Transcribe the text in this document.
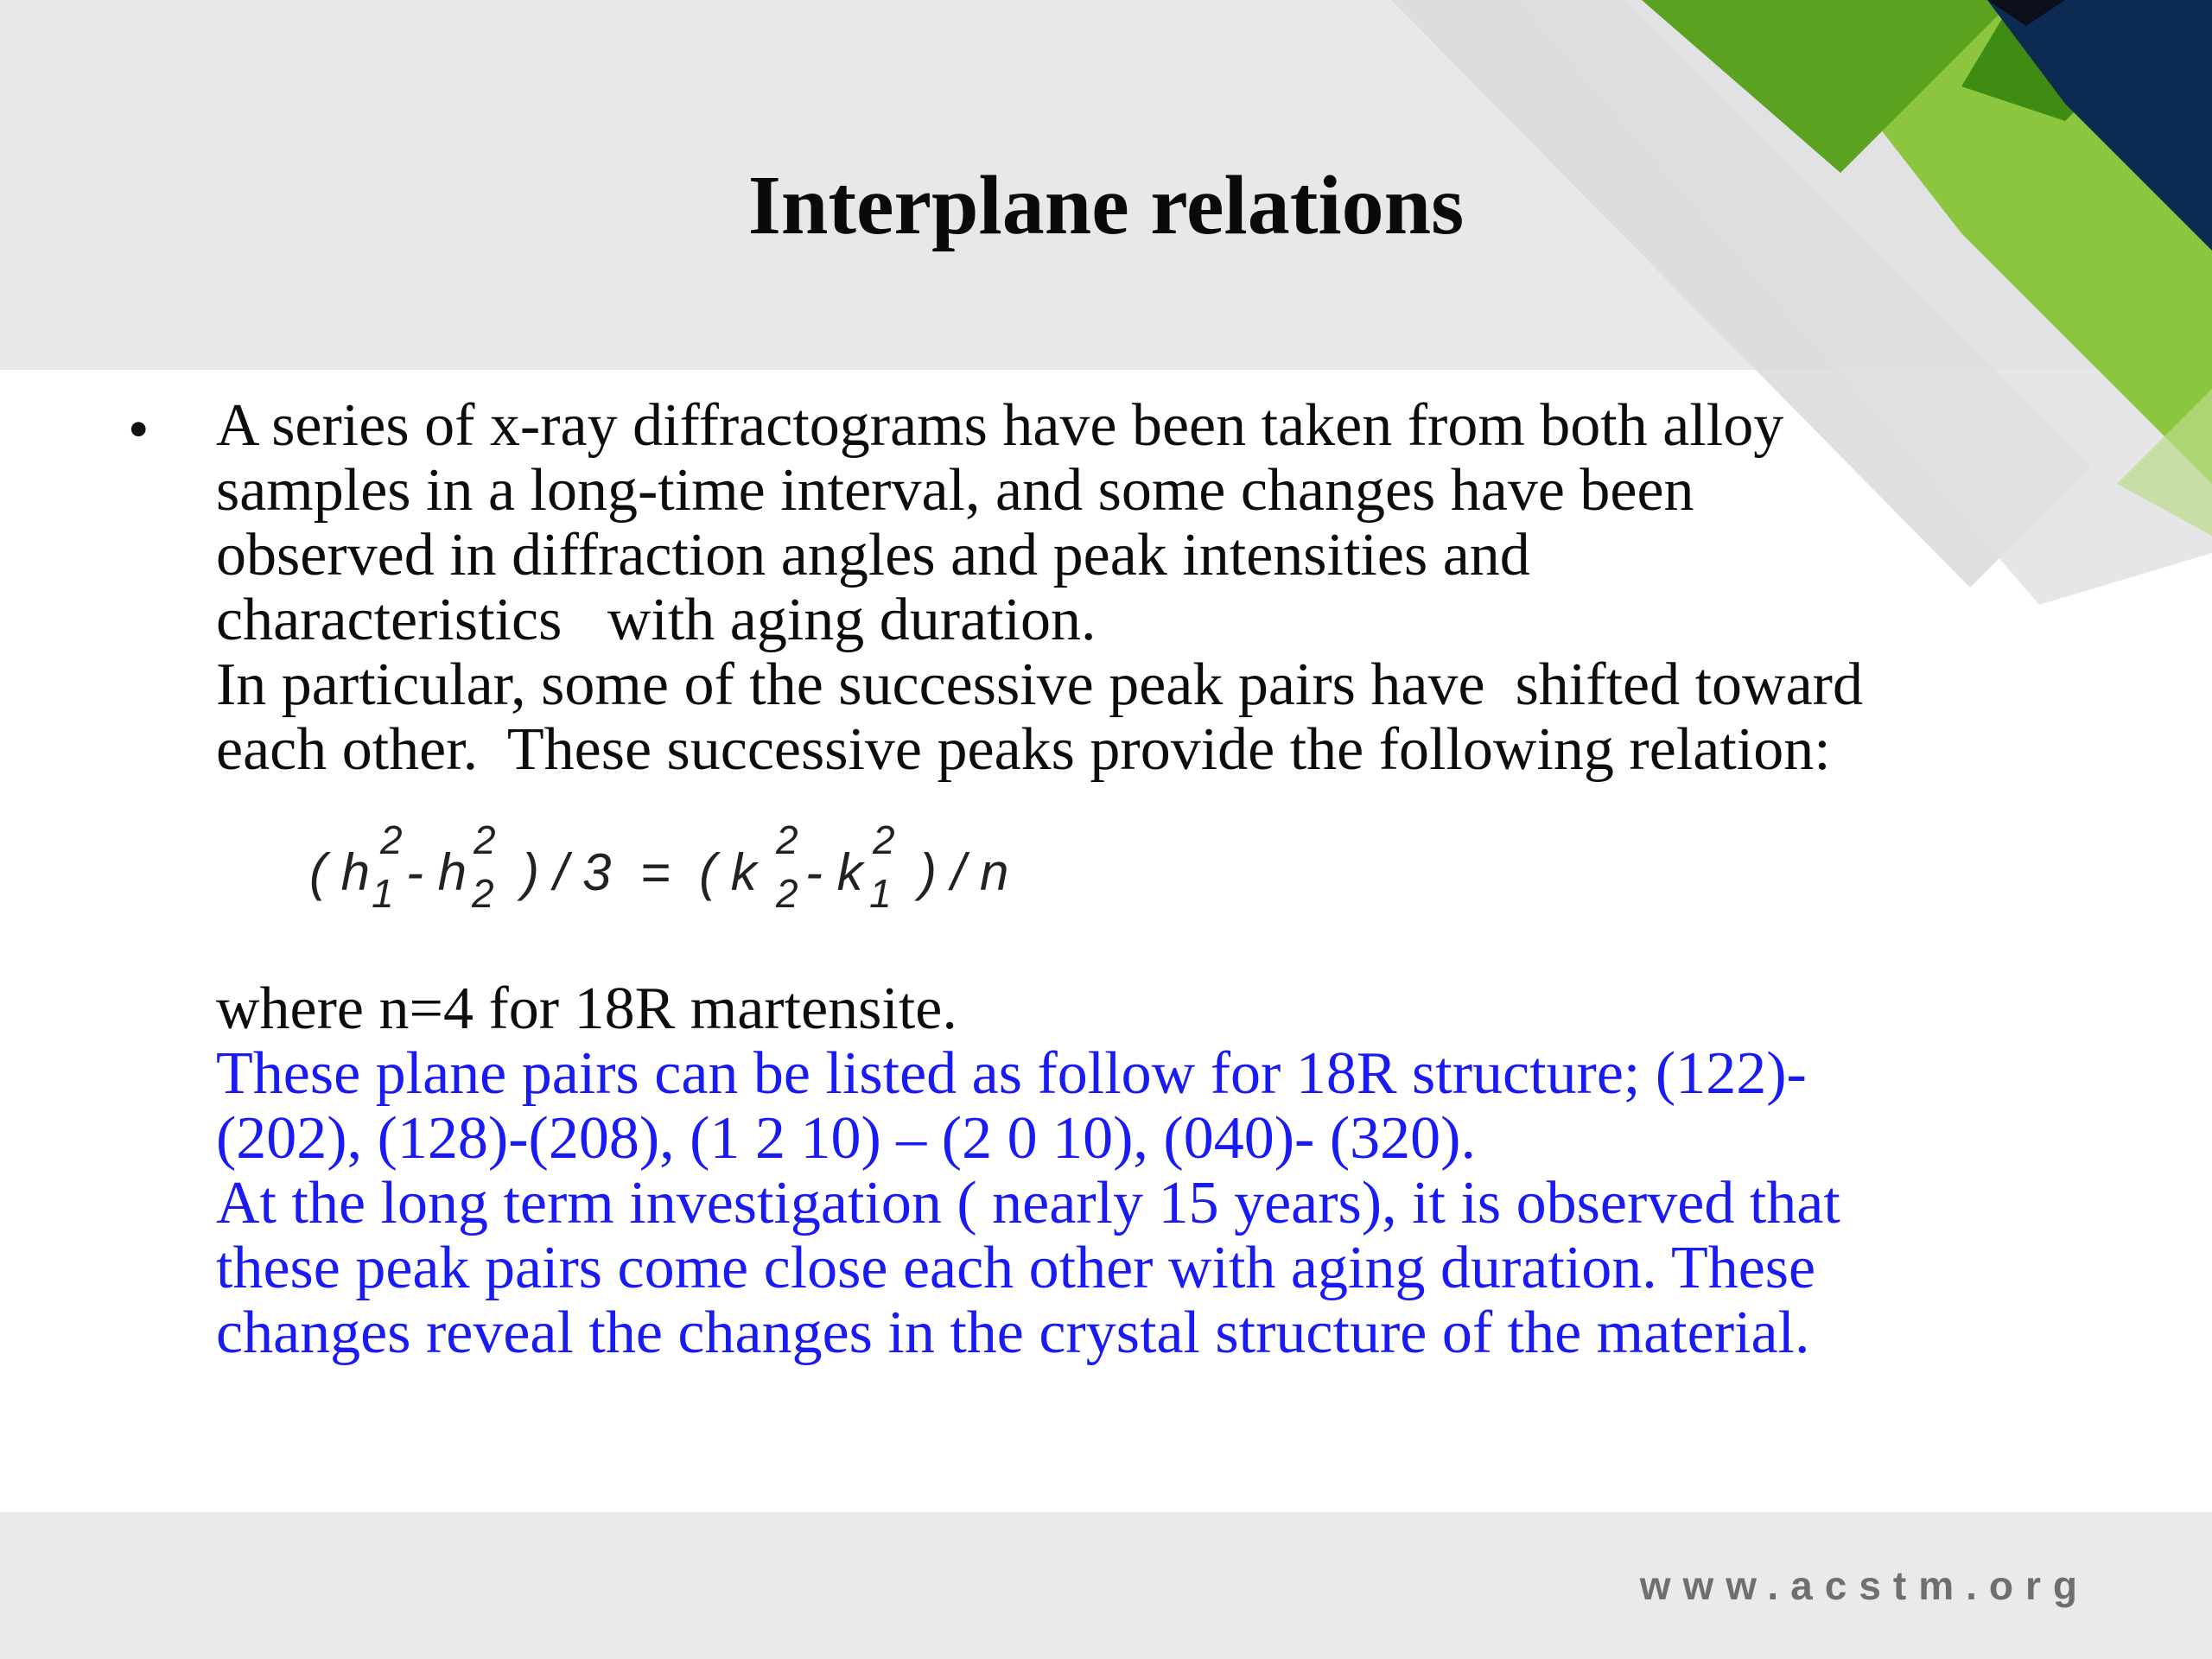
Interplane relations
• A series of x-ray diffractograms have been taken from both alloy
samples in a long-time interval, and some changes have been
observed in diffraction angles and peak intensities and
characteristics   with aging duration.
In particular, some of the successive peak pairs have  shifted toward
each other.  These successive peaks provide the following relation:
( h
2
1 - h
2
2 ) / 3  =  ( k
2
2 - k
2
1 ) / n
where n=4 for 18R martensite.
These plane pairs can be listed as follow for 18R structure; (122)-
(202), (128)-(208), (1 2 10) – (2 0 10), (040)- (320).
At the long term investigation ( nearly 15 years), it is observed that
these peak pairs come close each other with aging duration. These
changes reveal the changes in the crystal structure of the material.
www.acstm.org
